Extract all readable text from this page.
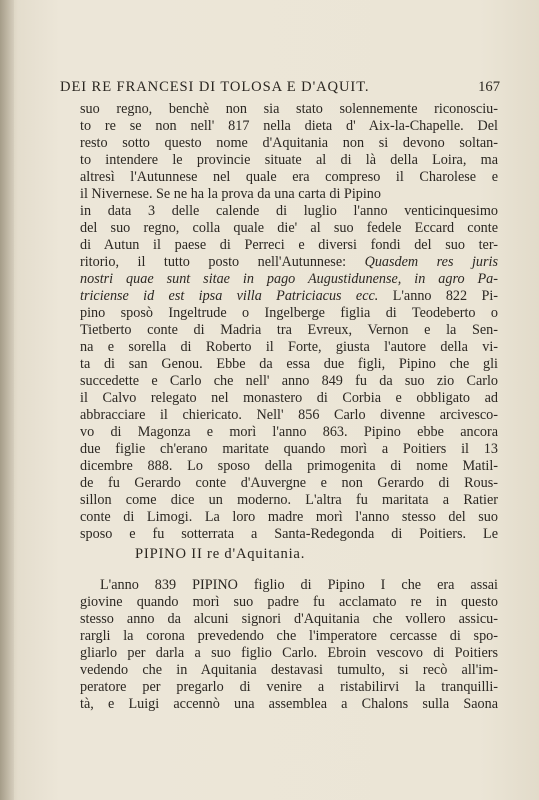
DEI RE FRANCESI DI TOLOSA E D'AQUIT.	167
suo regno, benchè non sia stato solennemente riconosciu-
to re se non nell' 817 nella dieta d' Aix-la-Chapelle. Del
resto sotto questo nome d'Aquitania non si devono soltan-
to intendere le provincie situate al di là della Loira, ma
altresì l'Autunnese nel quale era compreso il Charolese e
il Nivernese. Se ne ha la prova da una carta di Pipino
in data 3 delle calende di luglio l'anno venticinquesimo
del suo regno, colla quale die' al suo fedele Eccard conte
di Autun il paese di Perreci e diversi fondi del suo ter-
ritorio, il tutto posto nell'Autunnese: Quasdem res juris
nostri quae sunt sitae in pago Augustidunense, in agro Pa-
triciense id est ipsa villa Patriciacus ecc. L'anno 822 Pi-
pino sposò Ingeltrude o Ingelberge figlia di Teodeberto o
Tietberto conte di Madria tra Evreux, Vernon e la Sen-
na e sorella di Roberto il Forte, giusta l'autore della vi-
ta di san Genou. Ebbe da essa due figli, Pipino che gli
succedette e Carlo che nell' anno 849 fu da suo zio Carlo
il Calvo relegato nel monastero di Corbia e obbligato ad
abbracciare il chiericato. Nell' 856 Carlo divenne arcivesco-
vo di Magonza e morì l'anno 863. Pipino ebbe ancora
due figlie ch'erano maritate quando morì a Poitiers il 13
dicembre 888. Lo sposo della primogenita di nome Matil-
de fu Gerardo conte d'Auvergne e non Gerardo di Rous-
sillon come dice un moderno. L'altra fu maritata a Ratier
conte di Limogi. La loro madre morì l'anno stesso del suo
sposo e fu sotterrata a Santa-Redegonda di Poitiers. Le
PIPINO II re d'Aquitania.
L'anno 839 PIPINO figlio di Pipino I che era assai
giovine quando morì suo padre fu acclamato re in questo
stesso anno da alcuni signori d'Aquitania che vollero assicu-
rargli la corona prevedendo che l'imperatore cercasse di spo-
gliarlo per darla a suo figlio Carlo. Ebroin vescovo di Poitiers
vedendo che in Aquitania destavasi tumulto, si recò all'im-
peratore per pregarlo di venire a ristabilirvi la tranquilli-
tà, e Luigi accennò una assemblea a Chalons sulla Saona
